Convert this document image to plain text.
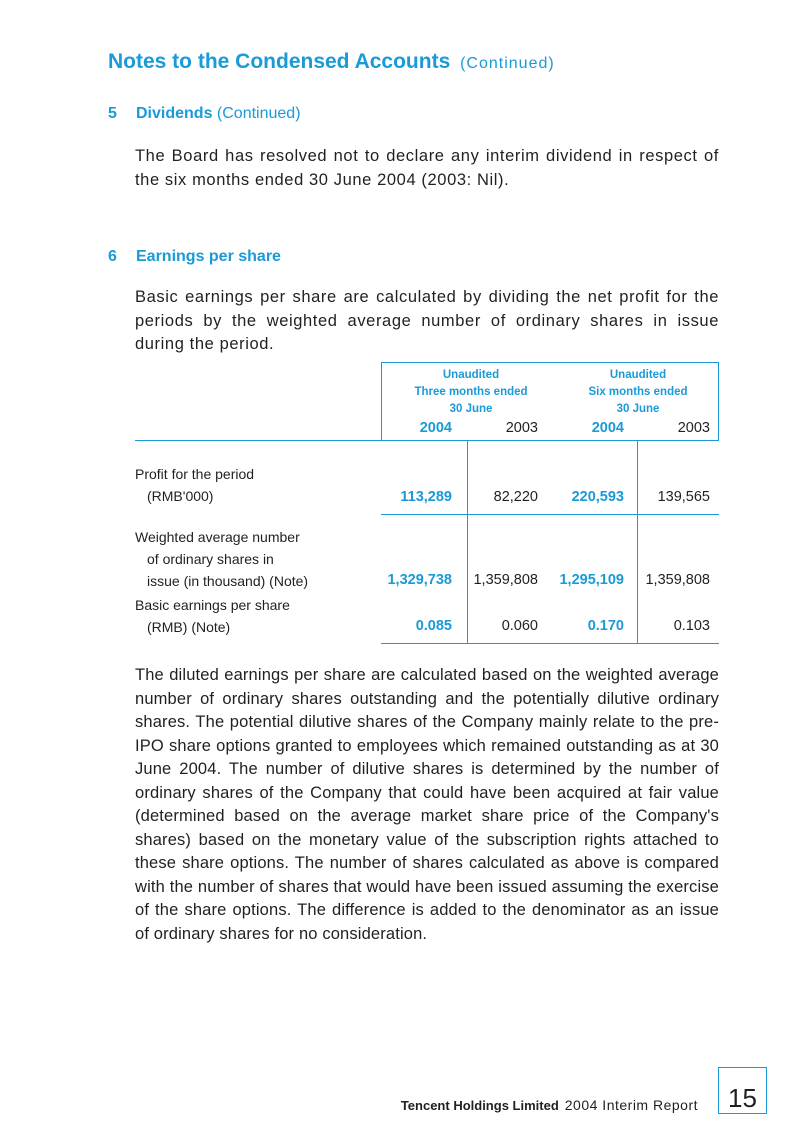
Notes to the Condensed Accounts (Continued)
5 Dividends (Continued)
The Board has resolved not to declare any interim dividend in respect of the six months ended 30 June 2004 (2003: Nil).
6 Earnings per share
Basic earnings per share are calculated by dividing the net profit for the periods by the weighted average number of ordinary shares in issue during the period.
Unaudited
Three months ended
30 June
Unaudited
Six months ended
30 June
2004	2003	2004	2003
Profit for the period
(RMB'000)	113,289	82,220	220,593	139,565
Weighted average number
of ordinary shares in
issue (in thousand) (Note)	1,329,738	1,359,808	1,295,109	1,359,808
Basic earnings per share
(RMB) (Note)	0.085	0.060	0.170	0.103
The diluted earnings per share are calculated based on the weighted average number of ordinary shares outstanding and the potentially dilutive ordinary shares. The potential dilutive shares of the Company mainly relate to the pre-IPO share options granted to employees which remained outstanding as at 30 June 2004. The number of dilutive shares is determined by the number of ordinary shares of the Company that could have been acquired at fair value (determined based on the average market share price of the Company's shares) based on the monetary value of the subscription rights attached to these share options. The number of shares calculated as above is compared with the number of shares that would have been issued assuming the exercise of the share options. The difference is added to the denominator as an issue of ordinary shares for no consideration.
Tencent Holdings Limited 2004 Interim Report	15
